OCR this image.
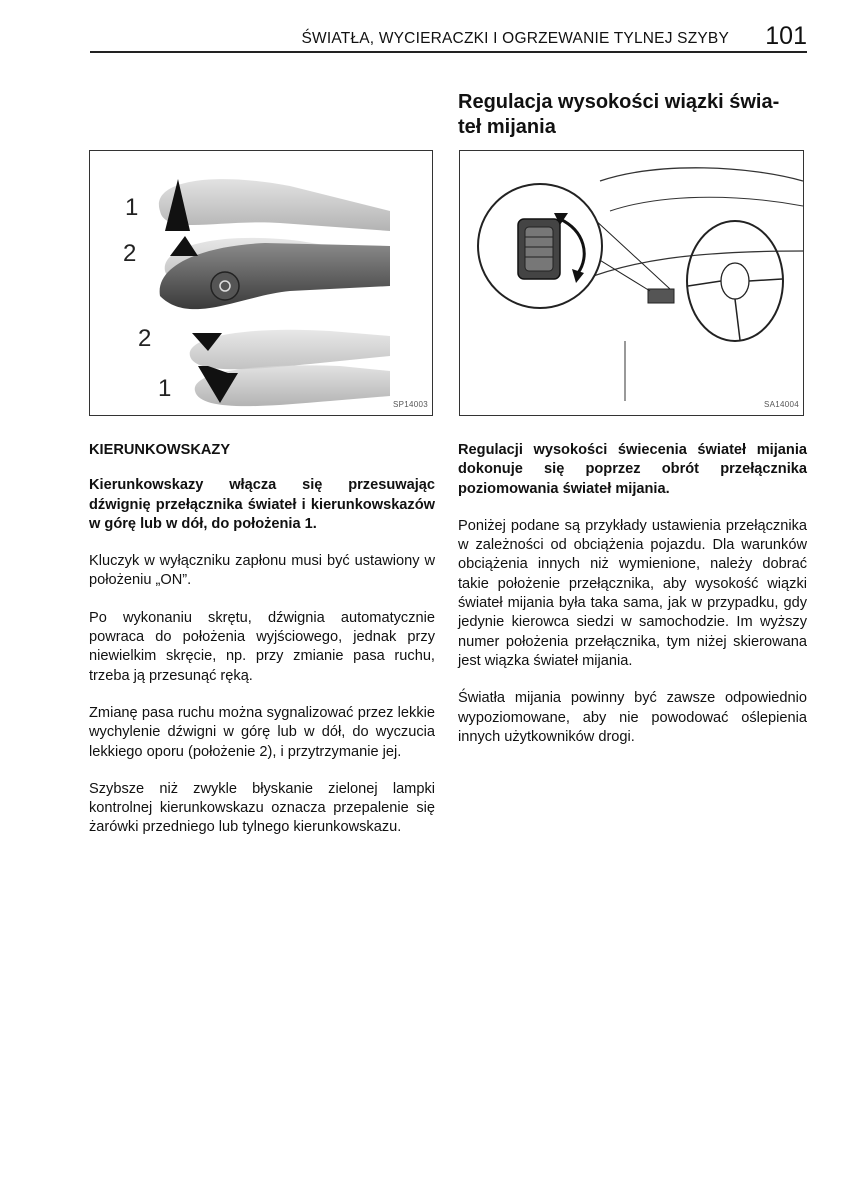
ŚWIATŁA, WYCIERACZKI I OGRZEWANIE TYLNEJ SZYBY 101
Regulacja wysokości wiązki świa- teł mijania
1
2
2
1
SP14003	SA14004

KIERUNKOWSKAZY

Kierunkowskazy włącza się przesuwając dźwignię przełącznika świateł i kierunkowskazów w górę lub w dół, do położenia 1.

Kluczyk w wyłączniku zapłonu musi być ustawiony w położeniu „ON”.

Po wykonaniu skrętu, dźwignia automatycznie powraca do położenia wyjściowego, jednak przy niewielkim skręcie, np. przy zmianie pasa ruchu, trzeba ją przesunąć ręką.

Zmianę pasa ruchu można sygnalizować przez lekkie wychylenie dźwigni w górę lub w dół, do wyczucia lekkiego oporu (położenie 2), i przytrzymanie jej.

Szybsze niż zwykle błyskanie zielonej lampki kontrolnej kierunkowskazu oznacza przepalenie się żarówki przedniego lub tylnego kierunkowskazu.

Regulacji wysokości świecenia świateł mijania dokonuje się poprzez obrót przełącznika poziomowania świateł mijania.

Poniżej podane są przykłady ustawienia przełącznika w zależności od obciążenia pojazdu. Dla warunków obciążenia innych niż wymienione, należy dobrać takie położenie przełącznika, aby wysokość wiązki świateł mijania była taka sama, jak w przypadku, gdy jedynie kierowca siedzi w samochodzie. Im wyższy numer położenia przełącznika, tym niżej skierowana jest wiązka świateł mijania.

Światła mijania powinny być zawsze odpowiednio wypoziomowane, aby nie powodować oślepienia innych użytkowników drogi.
